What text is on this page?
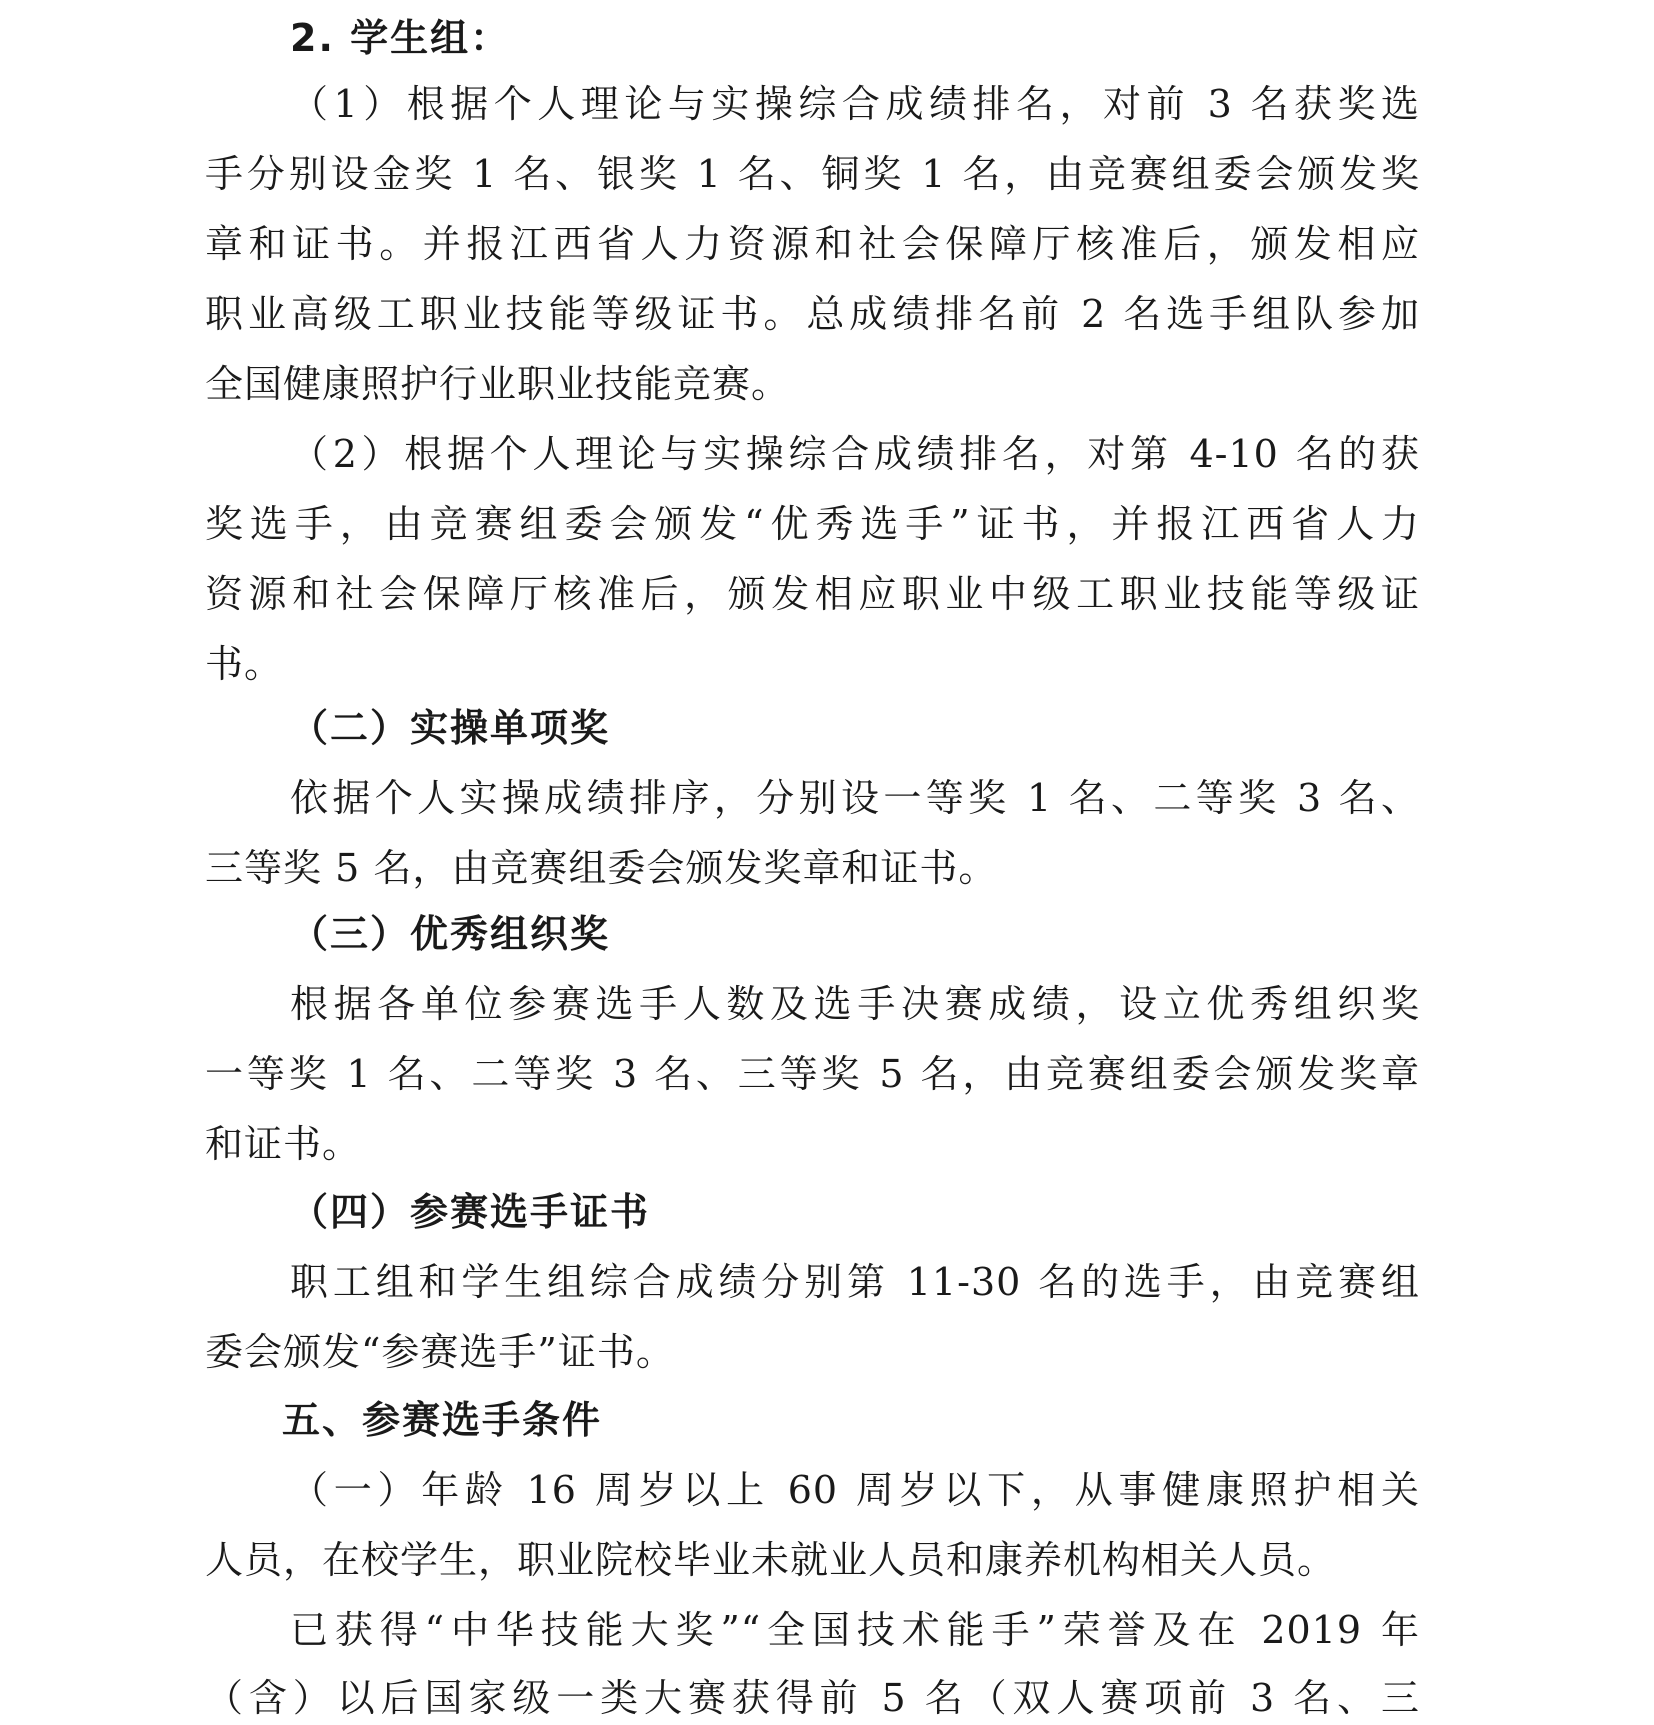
2. 学生组：
（1）根据个人理论与实操综合成绩排名，对前 3 名获奖选
手分别设金奖 1 名、银奖 1 名、铜奖 1 名，由竞赛组委会颁发奖
章和证书。并报江西省人力资源和社会保障厅核准后，颁发相应
职业高级工职业技能等级证书。总成绩排名前 2 名选手组队参加
全国健康照护行业职业技能竞赛。
（2）根据个人理论与实操综合成绩排名，对第 4-10 名的获
奖选手，由竞赛组委会颁发“优秀选手”证书，并报江西省人力
资源和社会保障厅核准后，颁发相应职业中级工职业技能等级证
书。
（二）实操单项奖
依据个人实操成绩排序，分别设一等奖 1 名、二等奖 3 名、
三等奖 5 名，由竞赛组委会颁发奖章和证书。
（三）优秀组织奖
根据各单位参赛选手人数及选手决赛成绩，设立优秀组织奖
一等奖 1 名、二等奖 3 名、三等奖 5 名，由竞赛组委会颁发奖章
和证书。
（四）参赛选手证书
职工组和学生组综合成绩分别第 11-30 名的选手，由竞赛组
委会颁发“参赛选手”证书。
五、参赛选手条件
（一）年龄 16 周岁以上 60 周岁以下，从事健康照护相关
人员，在校学生，职业院校毕业未就业人员和康养机构相关人员。
已获得“中华技能大奖”“全国技术能手”荣誉及在 2019 年
（含）以后国家级一类大赛获得前 5 名（双人赛项前 3 名、三
